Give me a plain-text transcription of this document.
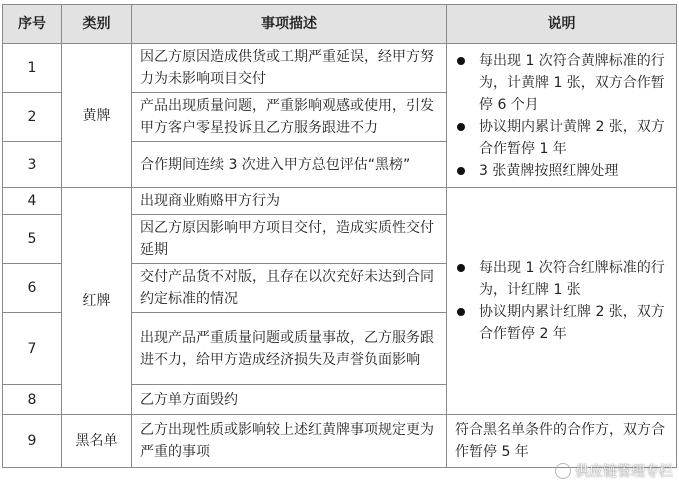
序号	类别	事项描述	说明
1	黄牌	因乙方原因造成供货或工期严重延误，经甲方努力为未影响项目交付	每出现 1 次符合黄牌标准的行为，计黄牌 1 张，双方合作暂停 6 个月
协议期内累计黄牌 2 张，双方合作暂停 1 年
3 张黄牌按照红牌处理

2		产品出现质量问题，严重影响观感或使用，引发甲方客户零星投诉且乙方服务跟进不力	
3		合作期间连续 3 次进入甲方总包评估“黑榜”	
4	红牌	出现商业贿赂甲方行为	每出现 1 次符合红牌标准的行为，计红牌 1 张
协议期内累计红牌 2 张，双方合作暂停 2 年

5		因乙方原因影响甲方项目交付，造成实质性交付延期	
6		交付产品货不对版，且存在以次充好未达到合同约定标准的情况	
7		出现产品严重质量问题或质量事故，乙方服务跟进不力，给甲方造成经济损失及声誉负面影响	
8		乙方单方面毁约	
9	黑名单	乙方出现性质或影响较上述红黄牌事项规定更为严重的事项	符合黑名单条件的合作方，双方合作暂停 5 年
供应链管理专栏
